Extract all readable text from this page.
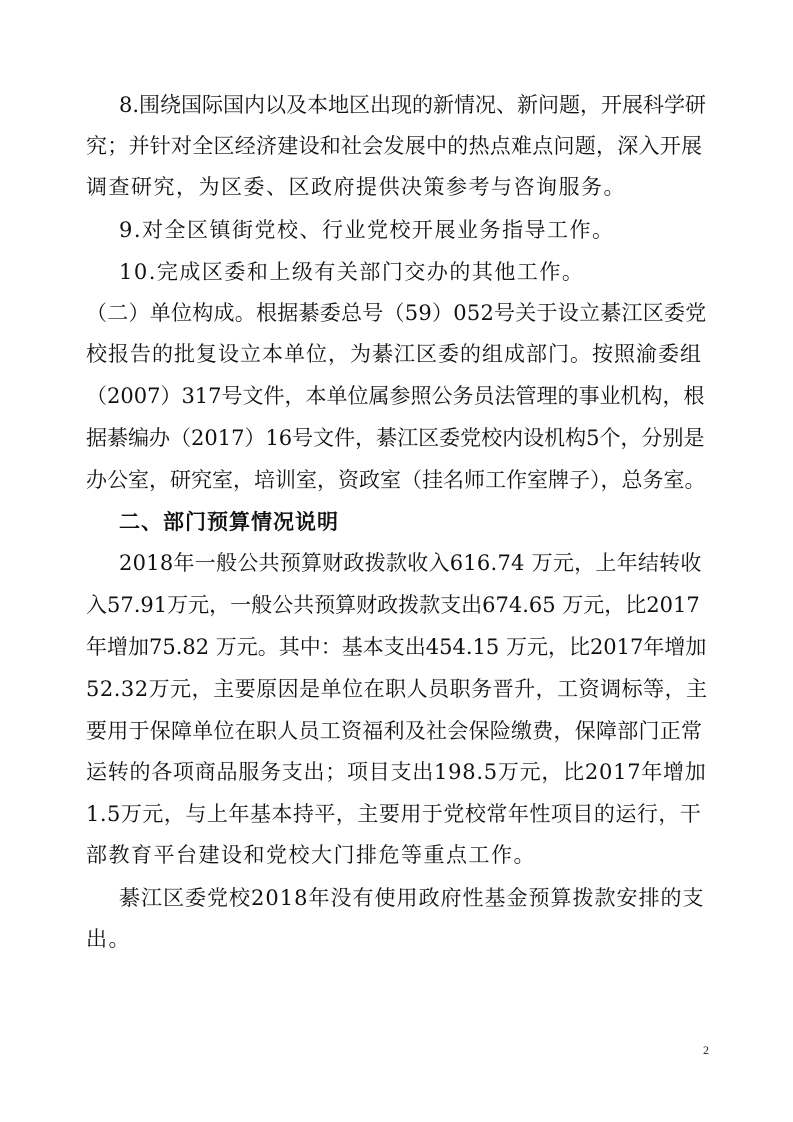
8.围绕国际国内以及本地区出现的新情况、新问题，开展科学研
究；并针对全区经济建设和社会发展中的热点难点问题，深入开展
调查研究，为区委、区政府提供决策参考与咨询服务。
9.对全区镇街党校、行业党校开展业务指导工作。
10.完成区委和上级有关部门交办的其他工作。
（二）单位构成。根据綦委总号（59）052号关于设立綦江区委党
校报告的批复设立本单位，为綦江区委的组成部门。按照渝委组
（2007）317号文件，本单位属参照公务员法管理的事业机构，根
据綦编办（2017）16号文件，綦江区委党校内设机构5个，分别是
办公室，研究室，培训室，资政室（挂名师工作室牌子），总务室。
二、部门预算情况说明
2018年一般公共预算财政拨款收入616.74 万元，上年结转收
入57.91万元，一般公共预算财政拨款支出674.65 万元，比2017
年增加75.82 万元。其中：基本支出454.15 万元，比2017年增加
52.32万元，主要原因是单位在职人员职务晋升，工资调标等，主
要用于保障单位在职人员工资福利及社会保险缴费，保障部门正常
运转的各项商品服务支出；项目支出198.5万元，比2017年增加
1.5万元，与上年基本持平，主要用于党校常年性项目的运行，干
部教育平台建设和党校大门排危等重点工作。
綦江区委党校2018年没有使用政府性基金预算拨款安排的支
出。
2
